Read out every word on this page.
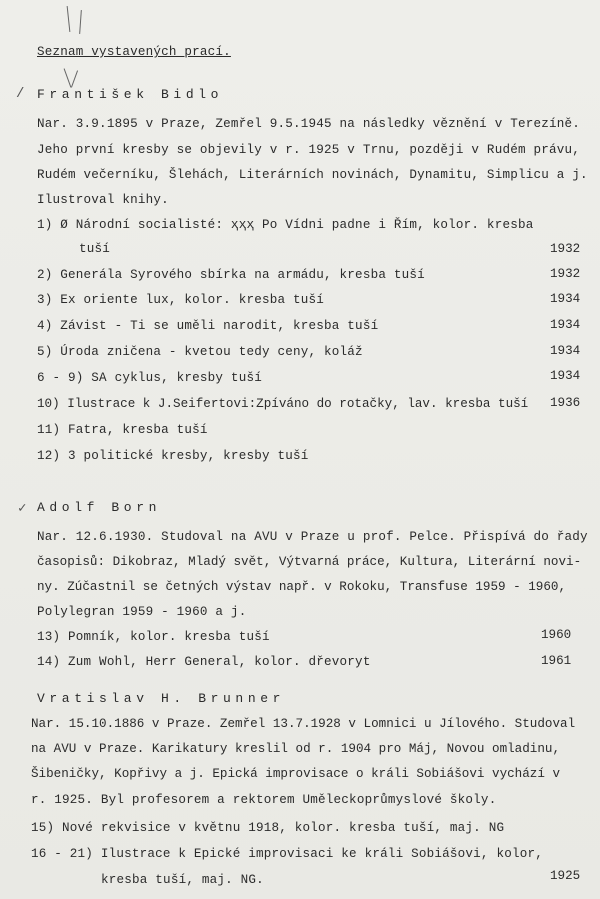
Seznam vystavených prací.
/ František Bidlo
Nar. 3.9.1895 v Praze, Zemřel 9.5.1945 na následky věznění v Terezíně.
Jeho první kresby se objevily v r. 1925 v Trnu, později v Rudém právu,
Rudém večerníku, Šlehách, Literárních novinách, Dynamitu, Simplicu a j.
Ilustroval knihy.
1) Ø Národní socialisté: ҳҳҳ Po Vídni padne i Řím, kolor. kresba
tuší	1932
2) Generála Syrového sbírka na armádu, kresba tuší	1932
3) Ex oriente lux, kolor. kresba tuší	1934
4) Závist - Ti se uměli narodit, kresba tuší	1934
5) Úroda zničena - kvetou tedy ceny, koláž	1934
6 - 9) SA cyklus, kresby tuší	1934
10) Ilustrace k J.Seifertovi:Zpíváno do rotačky, lav. kresba tuší 1936
11) Fatra, kresba tuší
12) 3 politické kresby, kresby tuší
✓ Adolf Born
Nar. 12.6.1930. Studoval na AVU v Praze u prof. Pelce. Přispívá do řady
časopisů: Dikobraz, Mladý svět, Výtvarná práce, Kultura, Literární novi-
ny. Zúčastnil se četných výstav např. v Rokoku, Transfuse 1959 - 1960,
Polylegran 1959 - 1960 a j.
13) Pomník, kolor. kresba tuší	1960
14) Zum Wohl, Herr General, kolor. dřevoryt	1961
Vratislav H. Brunner
Nar. 15.10.1886 v Praze. Zemřel 13.7.1928 v Lomnici u Jílového. Studoval
na AVU v Praze. Karikatury kreslil od r. 1904 pro Máj, Novou omladinu,
Šibeničky, Kopřivy a j. Epická improvisace o králi Sobiášovi vychází v
r. 1925. Byl profesorem a rektorem Uměleckoprůmyslové školy.
15) Nové rekvisice v květnu 1918, kolor. kresba tuší, maj. NG
16 - 21) Ilustrace k Epické improvisaci ke králi Sobiášovi, kolor,
kresba tuší, maj. NG.	1925
